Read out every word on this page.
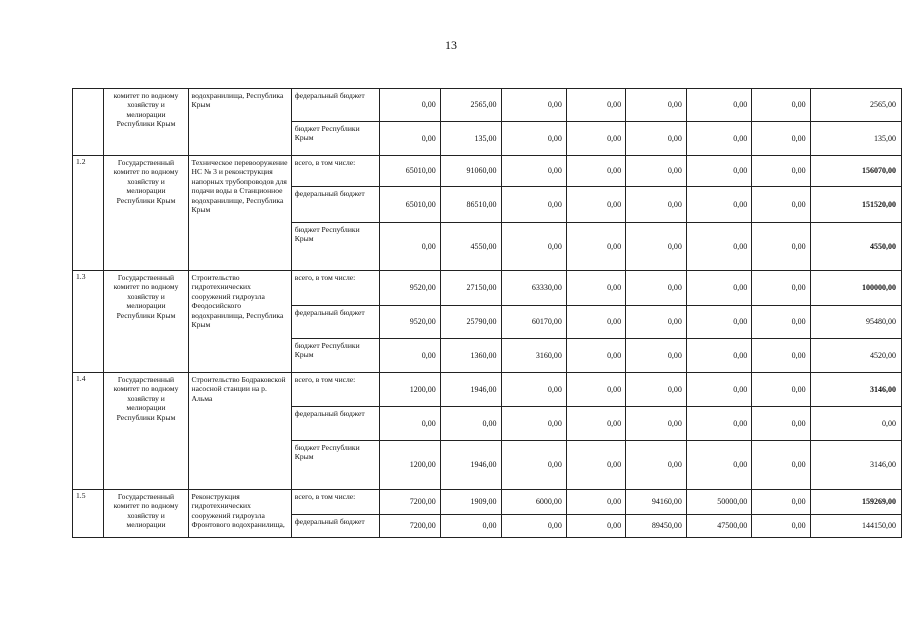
13
	комитет по водному хозяйству и мелиорации Республики Крым	водохранилища, Республика Крым	федеральный бюджет	0,00	2565,00	0,00	0,00	0,00	0,00	0,00	2565,00
			бюджет Республики Крым	0,00	135,00	0,00	0,00	0,00	0,00	0,00	135,00
1.2	Государственный комитет по водному хозяйству и мелиорации Республики Крым	Техническое перевооружение НС № 3 и реконструкция напорных трубопроводов для подачи воды в Станционное водохранилище, Республика Крым	всего, в том числе:	65010,00	91060,00	0,00	0,00	0,00	0,00	0,00	156070,00
			федеральный бюджет	65010,00	86510,00	0,00	0,00	0,00	0,00	0,00	151520,00
			бюджет Республики Крым	0,00	4550,00	0,00	0,00	0,00	0,00	0,00	4550,00
1.3	Государственный комитет по водному хозяйству и мелиорации Республики Крым	Строительство гидротехнических сооружений гидроузла Феодосийского водохранилища, Республика Крым	всего, в том числе:	9520,00	27150,00	63330,00	0,00	0,00	0,00	0,00	100000,00
			федеральный бюджет	9520,00	25790,00	60170,00	0,00	0,00	0,00	0,00	95480,00
			бюджет Республики Крым	0,00	1360,00	3160,00	0,00	0,00	0,00	0,00	4520,00
1.4	Государственный комитет по водному хозяйству и мелиорации Республики Крым	Строительство Бодраковской насосной станции на р. Альма	всего, в том числе:	1200,00	1946,00	0,00	0,00	0,00	0,00	0,00	3146,00
			федеральный бюджет	0,00	0,00	0,00	0,00	0,00	0,00	0,00	0,00
			бюджет Республики Крым	1200,00	1946,00	0,00	0,00	0,00	0,00	0,00	3146,00
1.5	Государственный комитет по водному хозяйству и мелиорации	Реконструкция гидротехнических сооружений гидроузла Фронтового водохранилища,	всего, в том числе:	7200,00	1909,00	6000,00	0,00	94160,00	50000,00	0,00	159269,00
			федеральный бюджет	7200,00	0,00	0,00	0,00	89450,00	47500,00	0,00	144150,00
